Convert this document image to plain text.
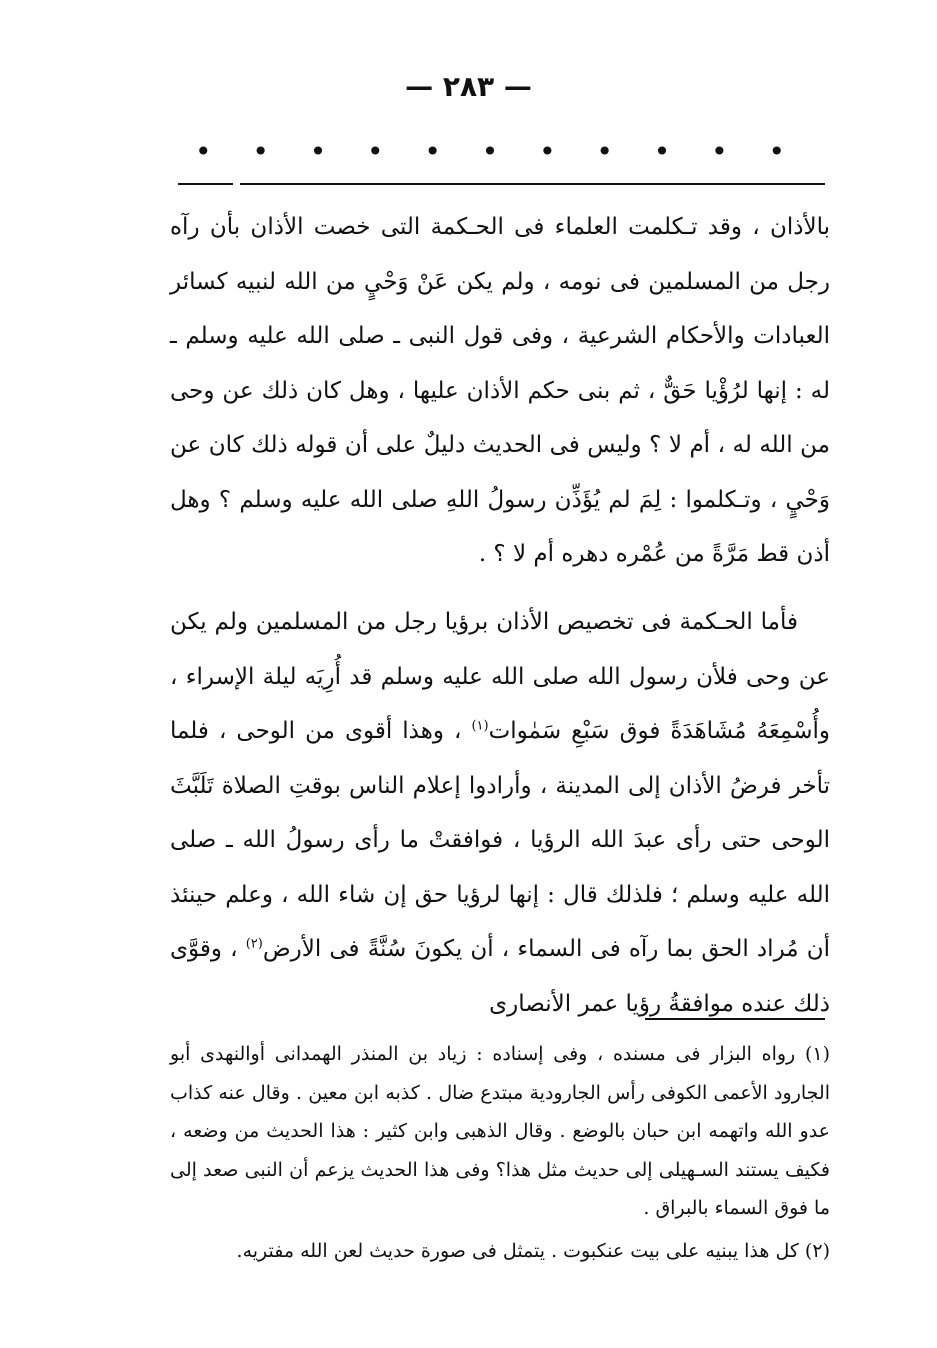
— ٢٨٣ —
• • • • • • • • • • •

بالأذان ، وقد تـكلمت العلماء فى الحـكمة التى خصت الأذان بأن رآه رجل من المسلمين فى نومه ، ولم يكن عَنْ وَحْيٍ من الله لنبيه كسائر العبادات والأحكام الشرعية ، وفى قول النبى ـ صلى الله عليه وسلم ـ له : إنها لرُؤْيا حَقٌّ ، ثم بنى حكم الأذان عليها ، وهل كان ذلك عن وحى من الله له ، أم لا ؟ وليس فى الحديث دليلٌ على أن قوله ذلك كان عن وَحْيٍ ، وتـكلموا : لِمَ لم يُؤَذِّن رسولُ اللهِ صلى الله عليه وسلم ؟ وهل أذن قط مَرَّةً من عُمْره دهره أم لا ؟ .

فأما الحـكمة فى تخصيص الأذان برؤيا رجل من المسلمين ولم يكن عن وحى فلأن رسول الله صلى الله عليه وسلم قد أُرِيَه ليلة الإسراء ، وأُسْمِعَهُ مُشَاهَدَةً فوق سَبْعِ سَمٰوات$^{(١)}$ ، وهذا أقوى من الوحى ، فلما تأخر فرضُ الأذان إلى المدينة ، وأرادوا إعلام الناس بوقتِ الصلاة تَلَبَّثَ الوحى حتى رأى عبدَ الله الرؤيا ، فوافقتْ ما رأى رسولُ الله ـ صلى الله عليه وسلم ؛ فلذلك قال : إنها لرؤيا حق إن شاء الله ، وعلم حينئذ أن مُراد الحق بما رآه فى السماء ، أن يكونَ سُنَّةً فى الأرض$^{(٢)}$ ، وقوَّى ذلك عنده موافقةُ رؤيا عمر الأنصارى

(١) رواه البزار فى مسنده ، وفى إسناده : زياد بن المنذر الهمدانى أوالنهدى أبو الجارود الأعمى الكوفى رأس الجارودية مبتدع ضال . كذبه ابن معين . وقال عنه كذاب عدو الله واتهمه ابن حبان بالوضع . وقال الذهبى وابن كثير : هذا الحديث من وضعه ، فكيف يستند السـهيلى إلى حديث مثل هذا؟ وفى هذا الحديث يزعم أن النبى صعد إلى ما فوق السماء بالبراق .

(٢) كل هذا يبنيه على بيت عنكبوت . يتمثل فى صورة حديث لعن الله مفتريه.
